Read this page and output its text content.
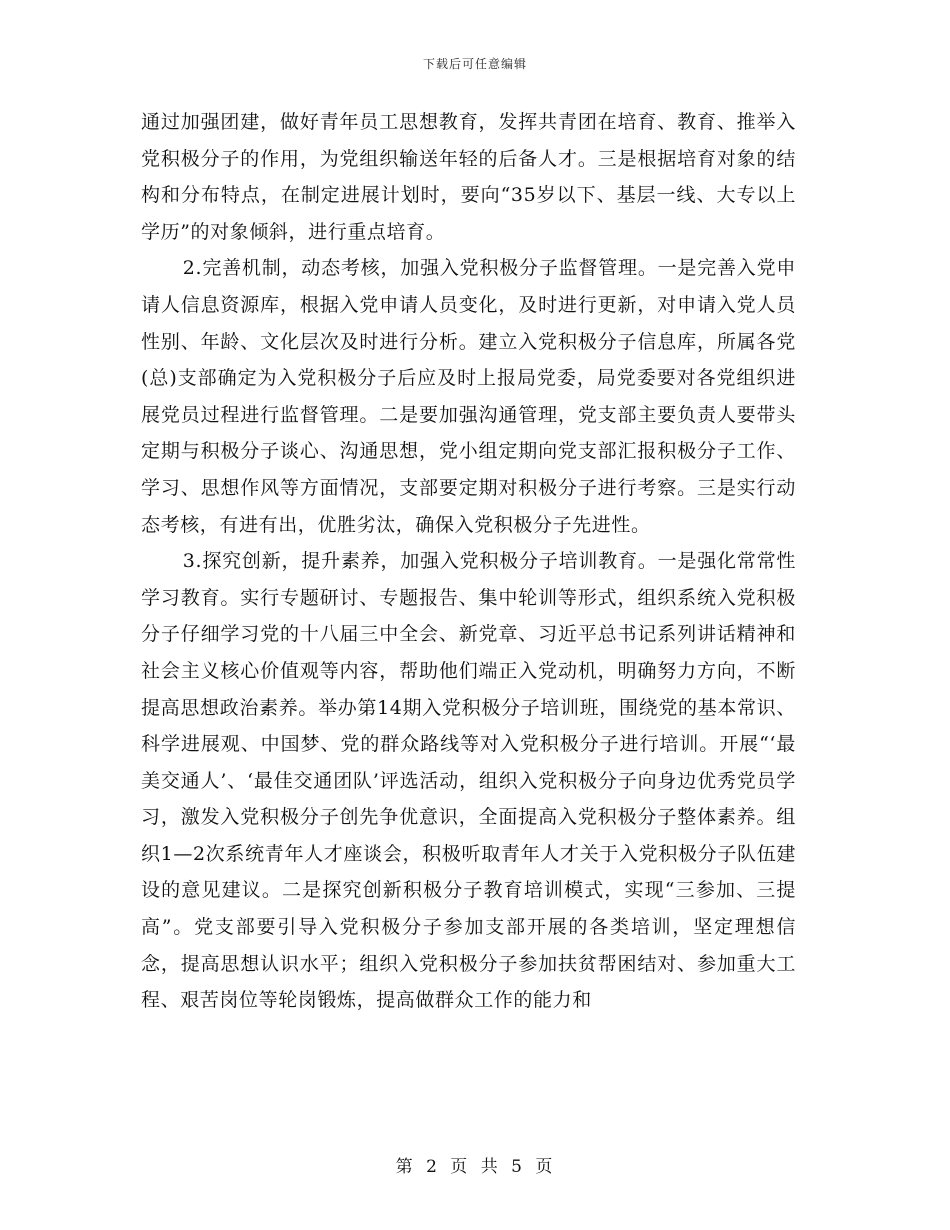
下载后可任意编辑

通过加强团建，做好青年员工思想教育，发挥共青团在培育、教育、推举入党积极分子的作用，为党组织输送年轻的后备人才。三是根据培育对象的结构和分布特点，在制定进展计划时，要向“35岁以下、基层一线、大专以上学历”的对象倾斜，进行重点培育。

2.完善机制，动态考核，加强入党积极分子监督管理。一是完善入党申请人信息资源库，根据入党申请人员变化，及时进行更新，对申请入党人员性别、年龄、文化层次及时进行分析。建立入党积极分子信息库，所属各党(总)支部确定为入党积极分子后应及时上报局党委，局党委要对各党组织进展党员过程进行监督管理。二是要加强沟通管理，党支部主要负责人要带头定期与积极分子谈心、沟通思想，党小组定期向党支部汇报积极分子工作、学习、思想作风等方面情况，支部要定期对积极分子进行考察。三是实行动态考核，有进有出，优胜劣汰，确保入党积极分子先进性。

3.探究创新，提升素养，加强入党积极分子培训教育。一是强化常常性学习教育。实行专题研讨、专题报告、集中轮训等形式，组织系统入党积极分子仔细学习党的十八届三中全会、新党章、习近平总书记系列讲话精神和社会主义核心价值观等内容，帮助他们端正入党动机，明确努力方向，不断提高思想政治素养。举办第14期入党积极分子培训班，围绕党的基本常识、科学进展观、中国梦、党的群众路线等对入党积极分子进行培训。开展“‘最美交通人’、‘最佳交通团队’评选活动，组织入党积极分子向身边优秀党员学习，激发入党积极分子创先争优意识，全面提高入党积极分子整体素养。组织1—2次系统青年人才座谈会，积极听取青年人才关于入党积极分子队伍建设的意见建议。二是探究创新积极分子教育培训模式，实现“三参加、三提高”。党支部要引导入党积极分子参加支部开展的各类培训，坚定理想信念，提高思想认识水平；组织入党积极分子参加扶贫帮困结对、参加重大工程、艰苦岗位等轮岗锻炼，提高做群众工作的能力和

第 2 页 共 5 页
